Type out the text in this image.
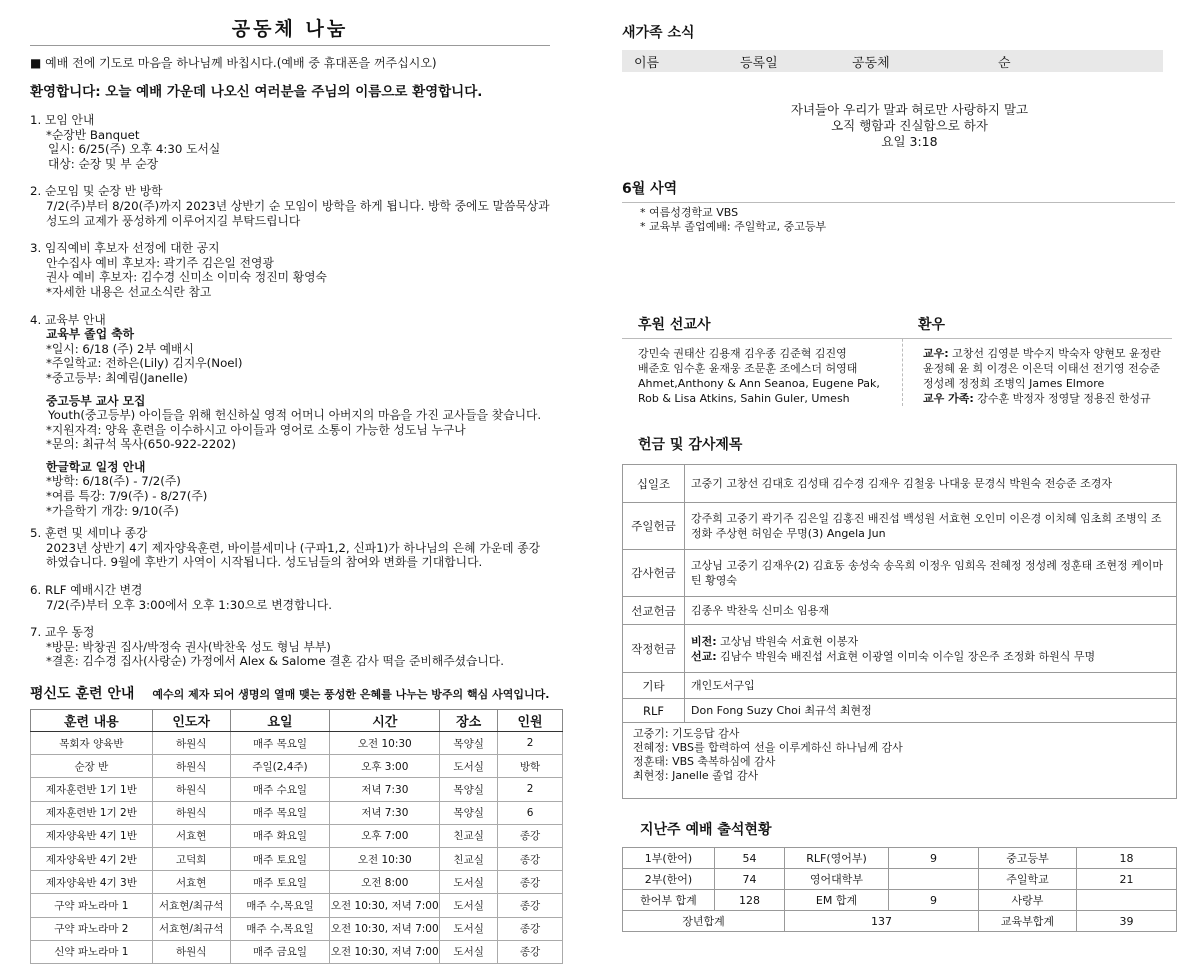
공동체 나눔
■ 예배 전에 기도로 마음을 하나님께 바칩시다.(예배 중 휴대폰을 꺼주십시오)
환영합니다: 오늘 예배 가운데 나오신 여러분을 주님의 이름으로 환영합니다.
1. 모임 안내
*순장반 Banquet
일시: 6/25(주) 오후 4:30 도서실
대상: 순장 및 부 순장
2. 순모임 및 순장 반 방학
7/2(주)부터 8/20(주)까지 2023년 상반기 순 모임이 방학을 하게 됩니다. 방학 중에도 말씀묵상과
성도의 교제가 풍성하게 이루어지길 부탁드립니다
3. 임직예비 후보자 선정에 대한 공지
안수집사 예비 후보자: 곽기주 김은일 전영광
권사 예비 후보자: 김수경 신미소 이미숙 정진미 황영숙
*자세한 내용은 선교소식란 참고
4. 교육부 안내
교육부 졸업 축하
*일시: 6/18 (주) 2부 예배시
*주일학교: 전하은(Lily) 김지우(Noel)
*중고등부: 최예림(Janelle)
중고등부 교사 모집
Youth(중고등부) 아이들을 위해 헌신하실 영적 어머니 아버지의 마음을 가진 교사들을 찾습니다.
*지원자격: 양육 훈련을 이수하시고 아이들과 영어로 소통이 가능한 성도님 누구나
*문의: 최규석 목사(650-922-2202)
한글학교 일정 안내
*방학: 6/18(주) - 7/2(주)
*여름 특강: 7/9(주) - 8/27(주)
*가을학기 개강: 9/10(주)
5. 훈련 및 세미나 종강
2023년 상반기 4기 제자양육훈련, 바이블세미나 (구파1,2, 신파1)가 하나님의 은혜 가운데 종강
하였습니다. 9월에 후반기 사역이 시작됩니다. 성도님들의 참여와 변화를 기대합니다.
6. RLF 예배시간 변경
7/2(주)부터 오후 3:00에서 오후 1:30으로 변경합니다.
7. 교우 동정
*방문: 박창권 집사/박정숙 권사(박찬욱 성도 형님 부부)
*결혼: 김수경 집사(사랑순) 가정에서 Alex & Salome 결혼 감사 떡을 준비해주셨습니다.
평신도 훈련 안내 예수의 제자 되어 생명의 열매 맺는 풍성한 은혜를 나누는 방주의 핵심 사역입니다.
훈련 내용	인도자	요일	시간	장소	인원
목회자 양육반	하원식	매주 목요일	오전 10:30	목양실	2
순장 반	하원식	주일(2,4주)	오후 3:00	도서실	방학
제자훈련반 1기 1반	하원식	매주 수요일	저녁 7:30	목양실	2
제자훈련반 1기 2반	하원식	매주 목요일	저녁 7:30	목양실	6
제자양육반 4기 1반	서효현	매주 화요일	오후 7:00	친교실	종강
제자양육반 4기 2반	고덕희	매주 토요일	오전 10:30	친교실	종강
제자양육반 4기 3반	서효현	매주 토요일	오전 8:00	도서실	종강
구약 파노라마 1	서효현/최규석	매주 수,목요일	오전 10:30, 저녁 7:00	도서실	종강
구약 파노라마 2	서효현/최규석	매주 수,목요일	오전 10:30, 저녁 7:00	도서실	종강
신약 파노라마 1	하원식	매주 금요일	오전 10:30, 저녁 7:00	도서실	종강
새가족 소식
이름	등록일	공동체	순
자녀들아 우리가 말과 혀로만 사랑하지 말고
오직 행함과 진실함으로 하자
요일 3:18
6월 사역
* 여름성경학교 VBS
* 교육부 졸업예배: 주일학교, 중고등부
후원 선교사
강민숙 권태산 김용재 김우종 김준혁 김진영
배준호 임수훈 윤재웅 조문훈 조에스더 허영태
Ahmet,Anthony & Ann Seanoa, Eugene Pak,
Rob & Lisa Atkins, Sahin Guler, Umesh
환우
교우: 고창선 김영분 박수지 박숙자 양현모 윤정란
윤정혜 윤 희 이경은 이은덕 이태선 전기영 전승준
정성례 정정희 조병익 James Elmore
교우 가족: 강수훈 박정자 정영달 정용진 한성규
헌금 및 감사제목
십일조	고중기 고창선 김대호 김성태 김수경 김재우 김철웅 나대웅 문경식 박원숙 전승준 조경자
주일헌금	강주희 고중기 곽기주 김은일 김홍진 배진섭 백성원 서효현 오인미 이은경 이치혜 임초희 조병익 조정화 주상현 허임순 무명(3) Angela Jun
감사헌금	고상님 고중기 김재우(2) 김효동 송성숙 송옥희 이정우 임희옥 전혜정 정성례 정훈태 조현정 케이마틴 황영숙
선교헌금	김종우 박찬욱 신미소 임용재
작정헌금	비전: 고상님 박원숙 서효현 이봉자
선교: 김남수 박원숙 배진섭 서효현 이광열 이미숙 이수일 장은주 조정화 하원식 무명

기타	개인도서구입
RLF	Don Fong Suzy Choi 최규석 최현정

고중기: 기도응답 감사
전혜정: VBS를 합력하여 선을 이루게하신 하나님께 감사
정훈태: VBS 축복하심에 감사
최현정: Janelle 졸업 감사	
지난주 예배 출석현황
1부(한어)	54	RLF(영어부)	9	중고등부	18
2부(한어)	74	영어대학부		주일학교	21
한어부 합계	128	EM 합계	9	사랑부	
장년합계		137		교육부합계	39
